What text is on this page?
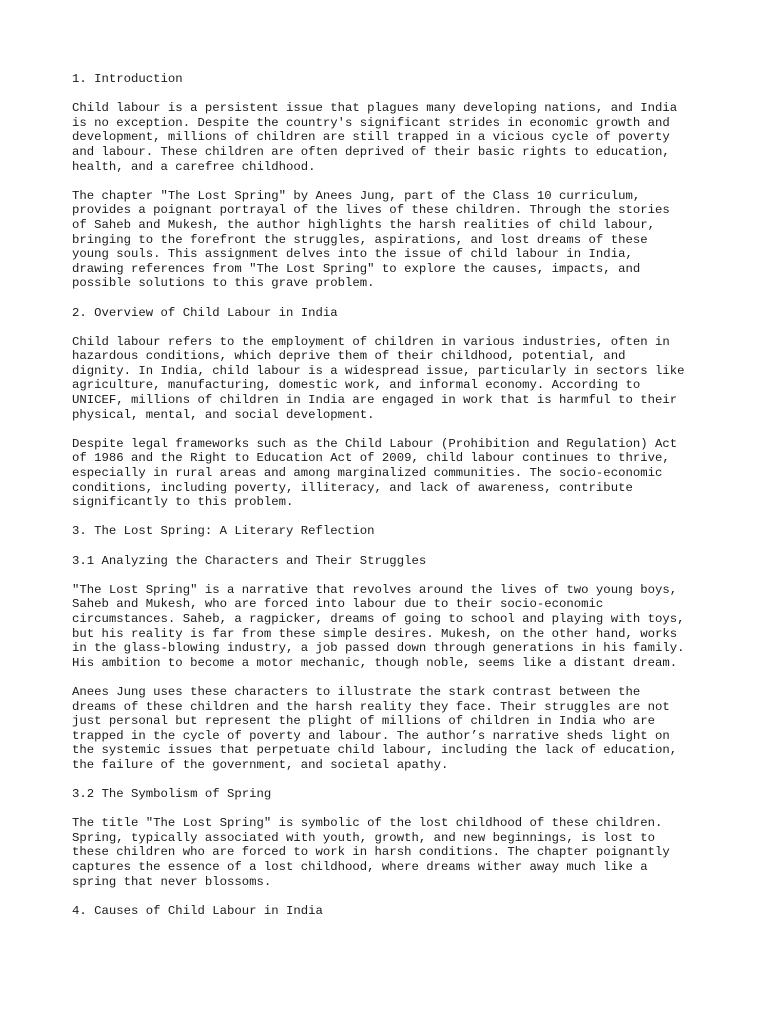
1. Introduction
Child labour is a persistent issue that plagues many developing nations, and India
is no exception. Despite the country's significant strides in economic growth and
development, millions of children are still trapped in a vicious cycle of poverty
and labour. These children are often deprived of their basic rights to education,
health, and a carefree childhood.
The chapter "The Lost Spring" by Anees Jung, part of the Class 10 curriculum,
provides a poignant portrayal of the lives of these children. Through the stories
of Saheb and Mukesh, the author highlights the harsh realities of child labour,
bringing to the forefront the struggles, aspirations, and lost dreams of these
young souls. This assignment delves into the issue of child labour in India,
drawing references from "The Lost Spring" to explore the causes, impacts, and
possible solutions to this grave problem.
2. Overview of Child Labour in India
Child labour refers to the employment of children in various industries, often in
hazardous conditions, which deprive them of their childhood, potential, and
dignity. In India, child labour is a widespread issue, particularly in sectors like
agriculture, manufacturing, domestic work, and informal economy. According to
UNICEF, millions of children in India are engaged in work that is harmful to their
physical, mental, and social development.
Despite legal frameworks such as the Child Labour (Prohibition and Regulation) Act
of 1986 and the Right to Education Act of 2009, child labour continues to thrive,
especially in rural areas and among marginalized communities. The socio-economic
conditions, including poverty, illiteracy, and lack of awareness, contribute
significantly to this problem.
3. The Lost Spring: A Literary Reflection
3.1 Analyzing the Characters and Their Struggles
"The Lost Spring" is a narrative that revolves around the lives of two young boys,
Saheb and Mukesh, who are forced into labour due to their socio-economic
circumstances. Saheb, a ragpicker, dreams of going to school and playing with toys,
but his reality is far from these simple desires. Mukesh, on the other hand, works
in the glass-blowing industry, a job passed down through generations in his family.
His ambition to become a motor mechanic, though noble, seems like a distant dream.
Anees Jung uses these characters to illustrate the stark contrast between the
dreams of these children and the harsh reality they face. Their struggles are not
just personal but represent the plight of millions of children in India who are
trapped in the cycle of poverty and labour. The author’s narrative sheds light on
the systemic issues that perpetuate child labour, including the lack of education,
the failure of the government, and societal apathy.
3.2 The Symbolism of Spring
The title "The Lost Spring" is symbolic of the lost childhood of these children.
Spring, typically associated with youth, growth, and new beginnings, is lost to
these children who are forced to work in harsh conditions. The chapter poignantly
captures the essence of a lost childhood, where dreams wither away much like a
spring that never blossoms.
4. Causes of Child Labour in India
